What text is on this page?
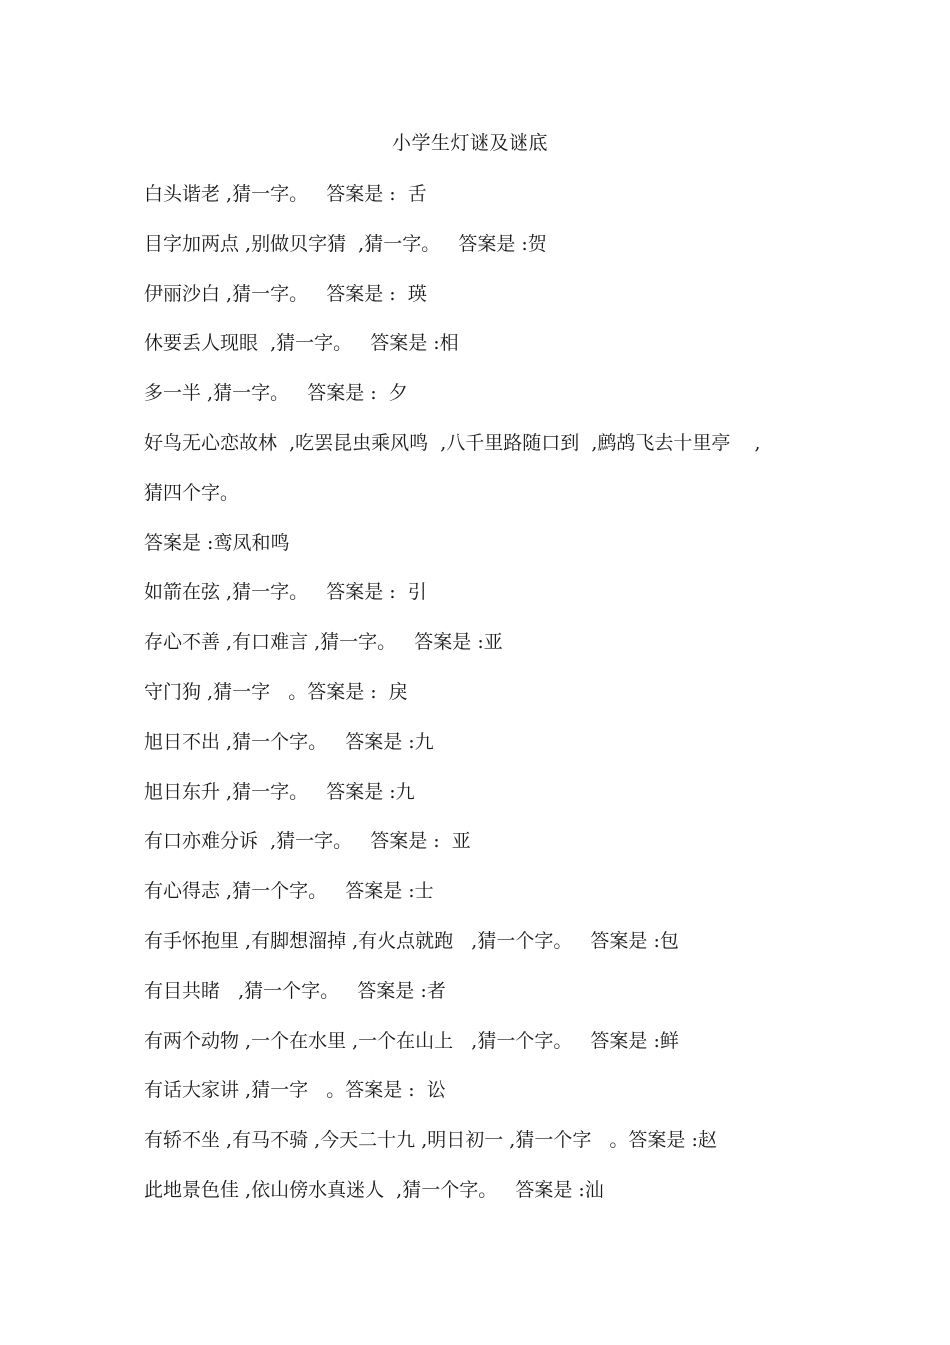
小学生灯谜及谜底
白头谐老 ,猜一字。   答案是 :  舌
目字加两点 ,别做贝字猜  ,猜一字。   答案是 :贺
伊丽沙白 ,猜一字。   答案是 :  瑛
休要丢人现眼  ,猜一字。   答案是 :相
多一半 ,猜一字。   答案是 :  夕
好鸟无心恋故林  ,吃罢昆虫乘风鸣  ,八千里路随口到  ,鹧鸪飞去十里亭    ,
猜四个字。
答案是 :鸾凤和鸣
如箭在弦 ,猜一字。   答案是 :  引
存心不善 ,有口难言 ,猜一字。   答案是 :亚
守门狗 ,猜一字   。答案是 :  戾
旭日不出 ,猜一个字。   答案是 :九
旭日东升 ,猜一字。   答案是 :九
有口亦难分诉  ,猜一字。   答案是 :  亚
有心得志 ,猜一个字。   答案是 :士
有手怀抱里 ,有脚想溜掉 ,有火点就跑   ,猜一个字。   答案是 :包
有目共睹   ,猜一个字。   答案是 :者
有两个动物 ,一个在水里 ,一个在山上   ,猜一个字。   答案是 :鲜
有话大家讲 ,猜一字   。答案是 :  讼
有轿不坐 ,有马不骑 ,今天二十九 ,明日初一 ,猜一个字   。答案是 :赵
此地景色佳 ,依山傍水真迷人  ,猜一个字。   答案是 :汕
